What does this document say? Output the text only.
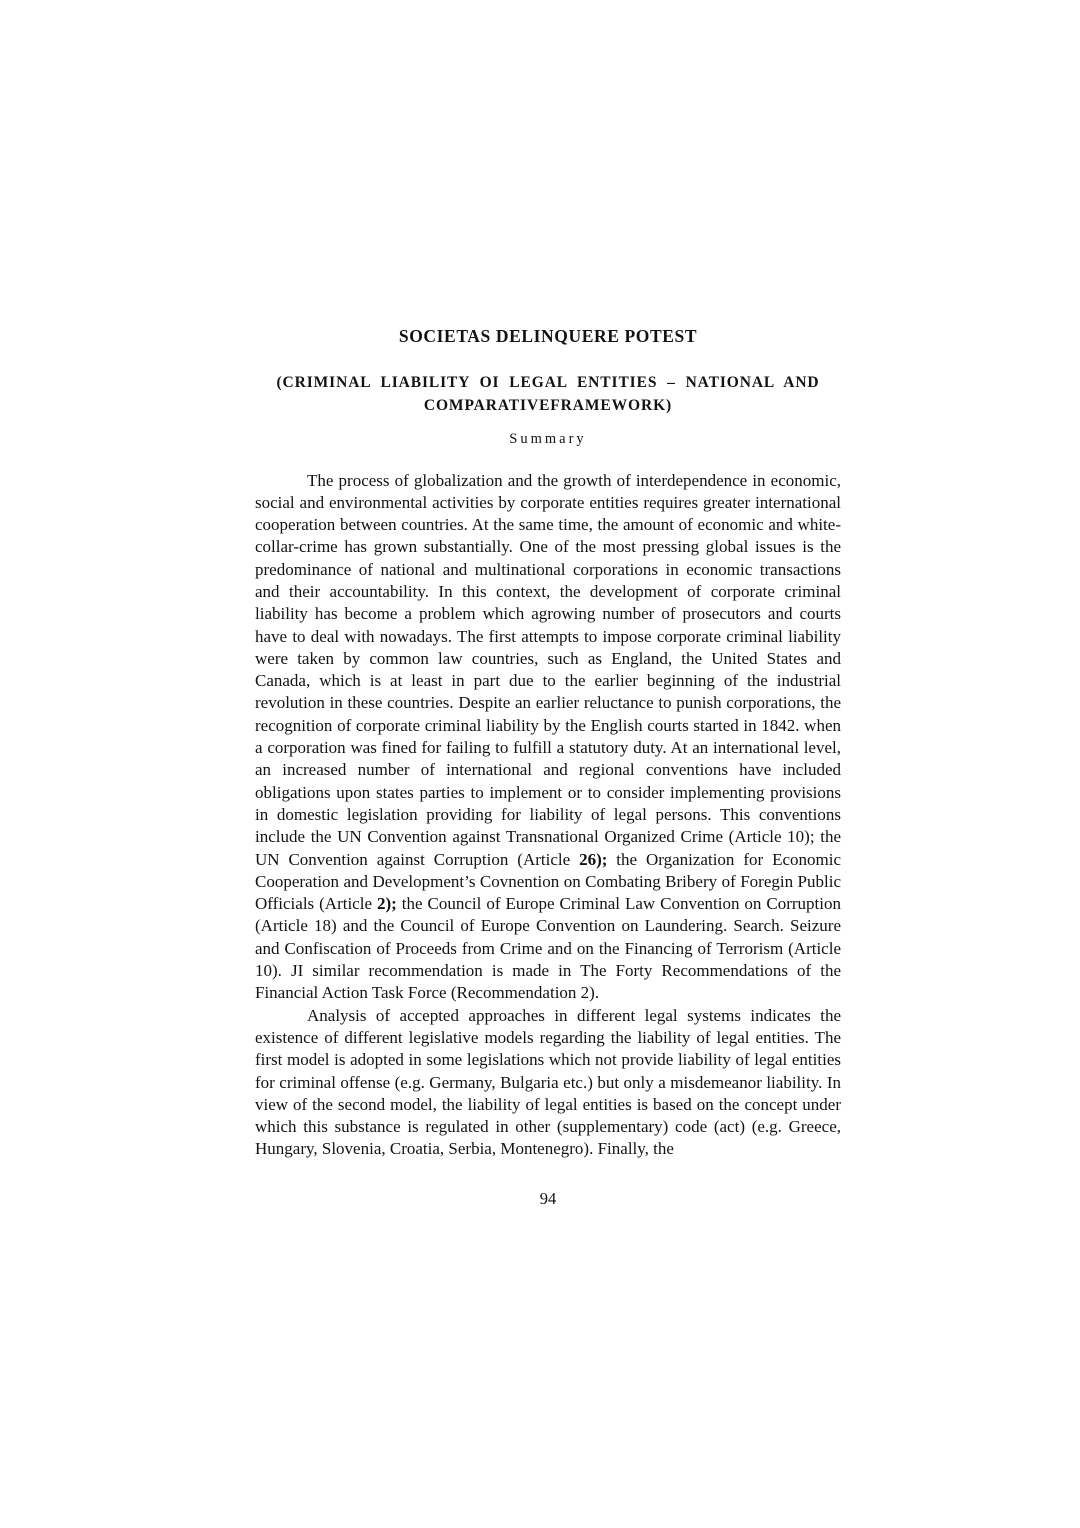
SOCIETAS DELINQUERE POTEST
(CRIMINAL LIABILITY OI LEGAL ENTITIES – NATIONAL AND
COMPARATIVEFRAMEWORK)
Summary

The process of globalization and the growth of interdependence in economic, social and environmental activities by corporate entities requires greater international cooperation between countries. At the same time, the amount of economic and white-collar-crime has grown substantially. One of the most pressing global issues is the predominance of national and multinational corporations in economic transactions and their accountability. In this context, the development of corporate criminal liability has become a problem which agrowing number of prosecutors and courts have to deal with nowadays. The first attempts to impose corporate criminal liability were taken by common law countries, such as England, the United States and Canada, which is at least in part due to the earlier beginning of the industrial revolution in these countries. Despite an earlier reluctance to punish corporations, the recognition of corporate criminal liability by the English courts started in 1842. when a corporation was fined for failing to fulfill a statutory duty. At an international level, an increased number of international and regional conventions have included obligations upon states parties to implement or to consider implementing provisions in domestic legislation providing for liability of legal persons. This conventions include the UN Convention against Transnational Organized Crime (Article 10); the UN Convention against Corruption (Article 26); the Organization for Economic Cooperation and Development’s Covnention on Combating Bribery of Foregin Public Officials (Article 2); the Council of Europe Criminal Law Convention on Corruption (Article 18) and the Council of Europe Convention on Laundering. Search. Seizure and Confiscation of Proceeds from Crime and on the Financing of Terrorism (Article 10). JI similar recommendation is made in The Forty Recommendations of the Financial Action Task Force (Recommendation 2).

Analysis of accepted approaches in different legal systems indicates the existence of different legislative models regarding the liability of legal entities. The first model is adopted in some legislations which not provide liability of legal entities for criminal offense (e.g. Germany, Bulgaria etc.) but only a misdemeanor liability. In view of the second model, the liability of legal entities is based on the concept under which this substance is regulated in other (supplementary) code (act) (e.g. Greece, Hungary, Slovenia, Croatia, Serbia, Montenegro). Finally, the

94
